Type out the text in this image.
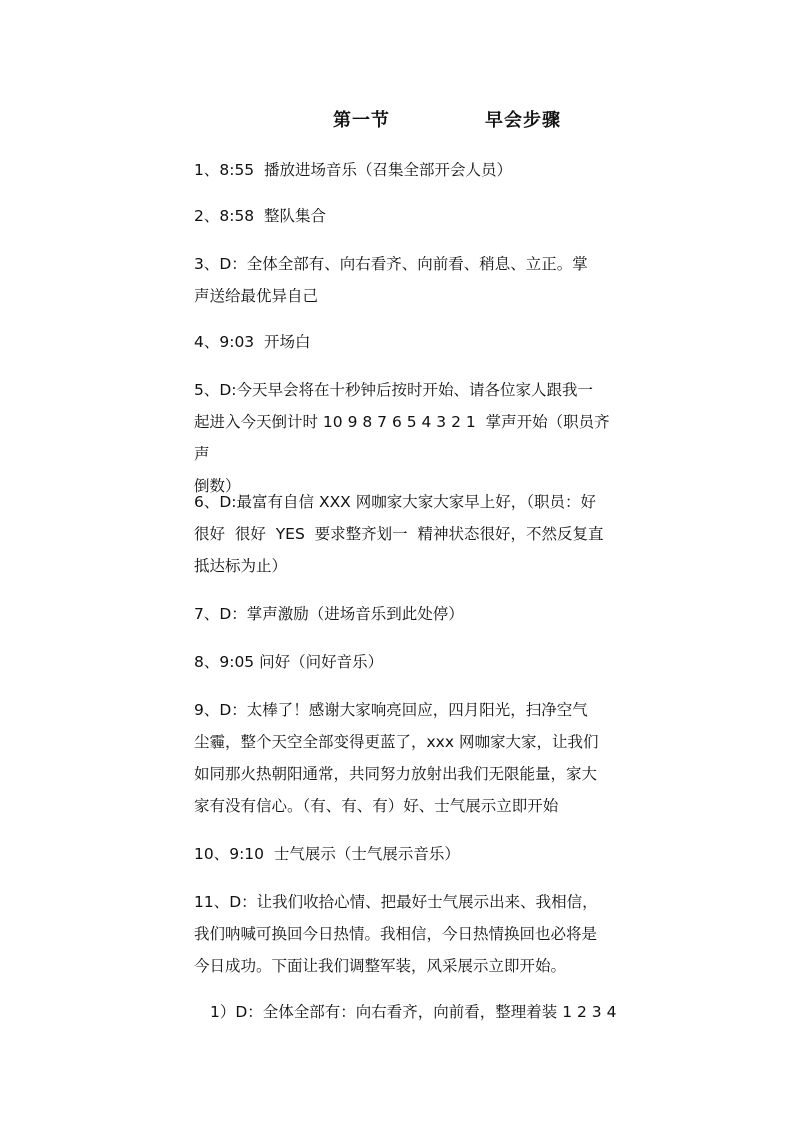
第一节	早会步骤

1、8:55  播放进场音乐（召集全部开会人员）

2、8:58  整队集合

3、D：全体全部有、向右看齐、向前看、稍息、立正。掌
声送给最优异自己

4、9:03  开场白

5、D:今天早会将在十秒钟后按时开始、请各位家人跟我一
起进入今天倒计时 10 9 8 7 6 5 4 3 2 1  掌声开始（职员齐声
倒数）

6、D:最富有自信 XXX 网咖家大家大家早上好，（职员：好
很好  很好  YES  要求整齐划一  精神状态很好，不然反复直
抵达标为止）

7、D：掌声激励（进场音乐到此处停）

8、9:05 问好（问好音乐）

9、D：太棒了！感谢大家响亮回应，四月阳光，扫净空气
尘霾，整个天空全部变得更蓝了，xxx 网咖家大家，让我们
如同那火热朝阳通常，共同努力放射出我们无限能量，家大
家有没有信心。（有、有、有）好、士气展示立即开始

10、9:10  士气展示（士气展示音乐）

11、D：让我们收拾心情、把最好士气展示出来、我相信，
我们呐喊可换回今日热情。我相信，今日热情换回也必将是
今日成功。下面让我们调整军装，风采展示立即开始。

1）D：全体全部有：向右看齐，向前看，整理着装 1 2 3 4
